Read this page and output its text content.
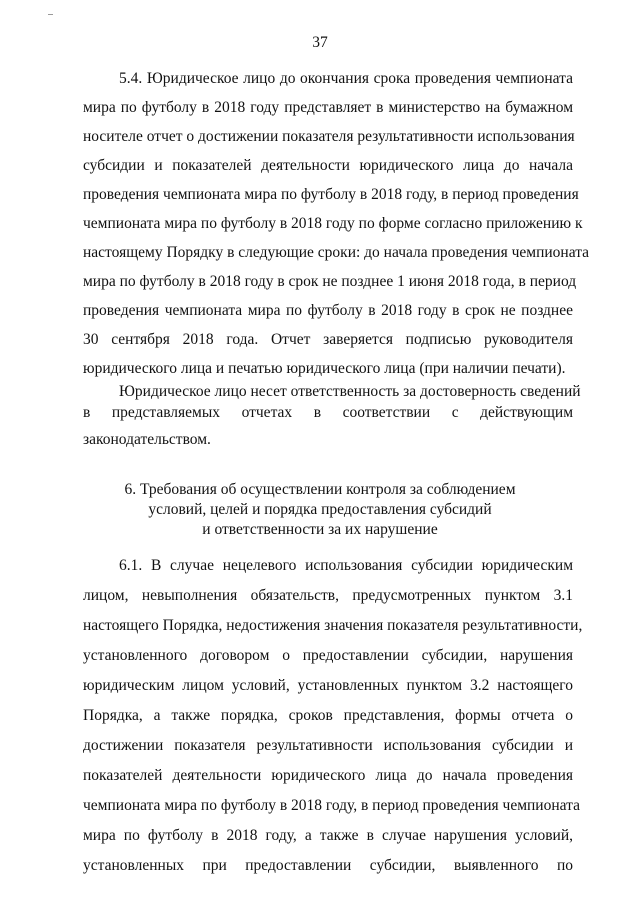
37
5.4. Юридическое лицо до окончания срока проведения чемпионата
мира по футболу в 2018 году представляет в министерство на бумажном
носителе отчет о достижении показателя результативности использования
субсидии и показателей деятельности юридического лица до начала
проведения чемпионата мира по футболу в 2018 году, в период проведения
чемпионата мира по футболу в 2018 году по форме согласно приложению к
настоящему Порядку в следующие сроки: до начала проведения чемпионата
мира по футболу в 2018 году в срок не позднее 1 июня 2018 года, в период
проведения чемпионата мира по футболу в 2018 году в срок не позднее
30 сентября 2018 года. Отчет заверяется подписью руководителя
юридического лица и печатью юридического лица (при наличии печати).
Юридическое лицо несет ответственность за достоверность сведений
в представляемых отчетах в соответствии с действующим
законодательством.
6. Требования об осуществлении контроля за соблюдением
условий, целей и порядка предоставления субсидий
и ответственности за их нарушение
6.1. В случае нецелевого использования субсидии юридическим
лицом, невыполнения обязательств, предусмотренных пунктом 3.1
настоящего Порядка, недостижения значения показателя результативности,
установленного договором о предоставлении субсидии, нарушения
юридическим лицом условий, установленных пунктом 3.2 настоящего
Порядка, а также порядка, сроков представления, формы отчета о
достижении показателя результативности использования субсидии и
показателей деятельности юридического лица до начала проведения
чемпионата мира по футболу в 2018 году, в период проведения чемпионата
мира по футболу в 2018 году, а также в случае нарушения условий,
установленных при предоставлении субсидии, выявленного по
